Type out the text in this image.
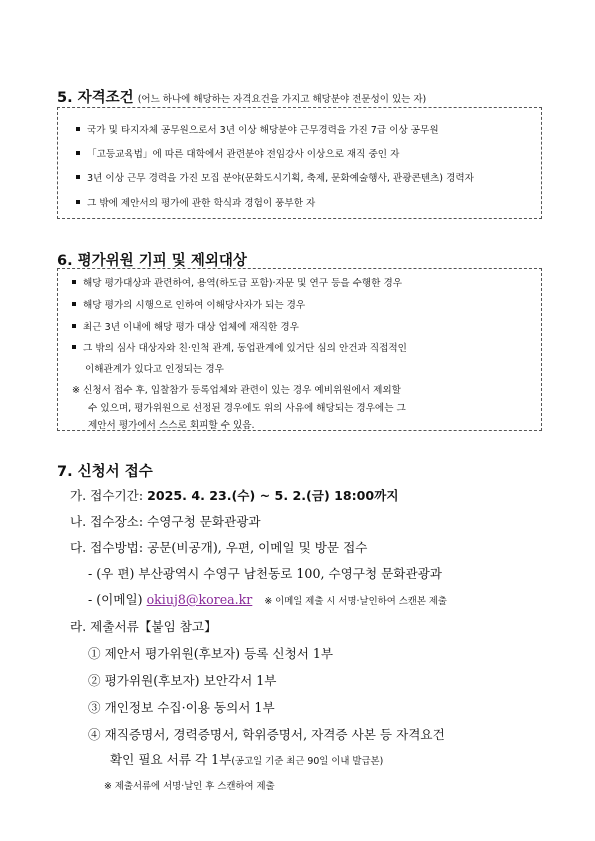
5. 자격조건 (어느 하나에 해당하는 자격요건을 가지고 해당분야 전문성이 있는 자)
국가 및 타지자체 공무원으로서 3년 이상 해당분야 근무경력을 가진 7급 이상 공무원
「고등교육법」에 따른 대학에서 관련분야 전임강사 이상으로 재직 중인 자
3년 이상 근무 경력을 가진 모집 분야(문화도시기획, 축제, 문화예술행사, 관광콘텐츠) 경력자
그 밖에 제안서의 평가에 관한 학식과 경험이 풍부한 자
6. 평가위원 기피 및 제외대상
해당 평가대상과 관련하여, 용역(하도급 포함)·자문 및 연구 등을 수행한 경우
해당 평가의 시행으로 인하여 이해당사자가 되는 경우
최근 3년 이내에 해당 평가 대상 업체에 재직한 경우
그 밖의 심사 대상자와 친·인척 관계, 동업관계에 있거단 심의 안건과 직접적인
이해관계가 있다고 인정되는 경우
※ 신청서 접수 후, 입찰참가 등록업체와 관련이 있는 경우 예비위원에서 제외할
수 있으며, 평가위원으로 선정된 경우에도 위의 사유에 해당되는 경우에는 그
제안서 평가에서 스스로 회피할 수 있음.
7. 신청서 접수
가. 접수기간: 2025. 4. 23.(수) ~ 5. 2.(금) 18:00까지
나. 접수장소: 수영구청 문화관광과
다. 접수방법: 공문(비공개), 우편, 이메일 및 방문 접수
- (우 편) 부산광역시 수영구 남천동로 100, 수영구청 문화관광과
- (이메일) okiuj8@korea.kr ※ 이메일 제출 시 서명·날인하여 스캔본 제출
라. 제출서류【붙임 참고】
① 제안서 평가위원(후보자) 등록 신청서 1부
② 평가위원(후보자) 보안각서 1부
③ 개인정보 수집·이용 동의서 1부
④ 재직증명서, 경력증명서, 학위증명서, 자격증 사본 등 자격요건
확인 필요 서류 각 1부(공고일 기준 최근 90일 이내 발급본)
※ 제출서류에 서명·날인 후 스캔하여 제출
